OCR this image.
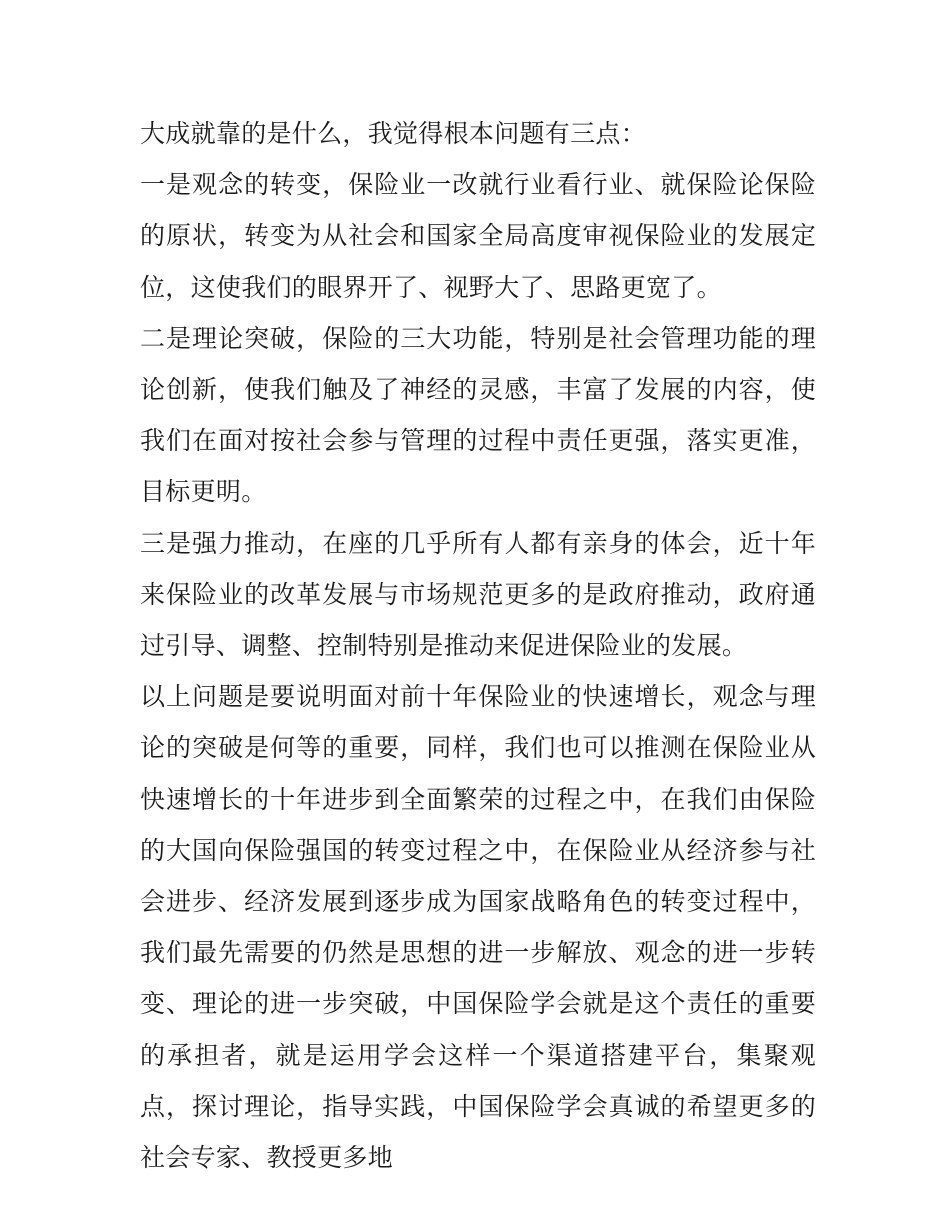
大成就靠的是什么，我觉得根本问题有三点：

一是观念的转变，保险业一改就行业看行业、就保险论保险的原状，转变为从社会和国家全局高度审视保险业的发展定位，这使我们的眼界开了、视野大了、思路更宽了。

二是理论突破，保险的三大功能，特别是社会管理功能的理论创新，使我们触及了神经的灵感，丰富了发展的内容，使我们在面对按社会参与管理的过程中责任更强，落实更准，目标更明。

三是强力推动，在座的几乎所有人都有亲身的体会，近十年来保险业的改革发展与市场规范更多的是政府推动，政府通过引导、调整、控制特别是推动来促进保险业的发展。

以上问题是要说明面对前十年保险业的快速增长，观念与理论的突破是何等的重要，同样，我们也可以推测在保险业从快速增长的十年进步到全面繁荣的过程之中，在我们由保险的大国向保险强国的转变过程之中，在保险业从经济参与社会进步、经济发展到逐步成为国家战略角色的转变过程中，我们最先需要的仍然是思想的进一步解放、观念的进一步转变、理论的进一步突破，中国保险学会就是这个责任的重要的承担者，就是运用学会这样一个渠道搭建平台，集聚观点，探讨理论，指导实践，中国保险学会真诚的希望更多的社会专家、教授更多地
